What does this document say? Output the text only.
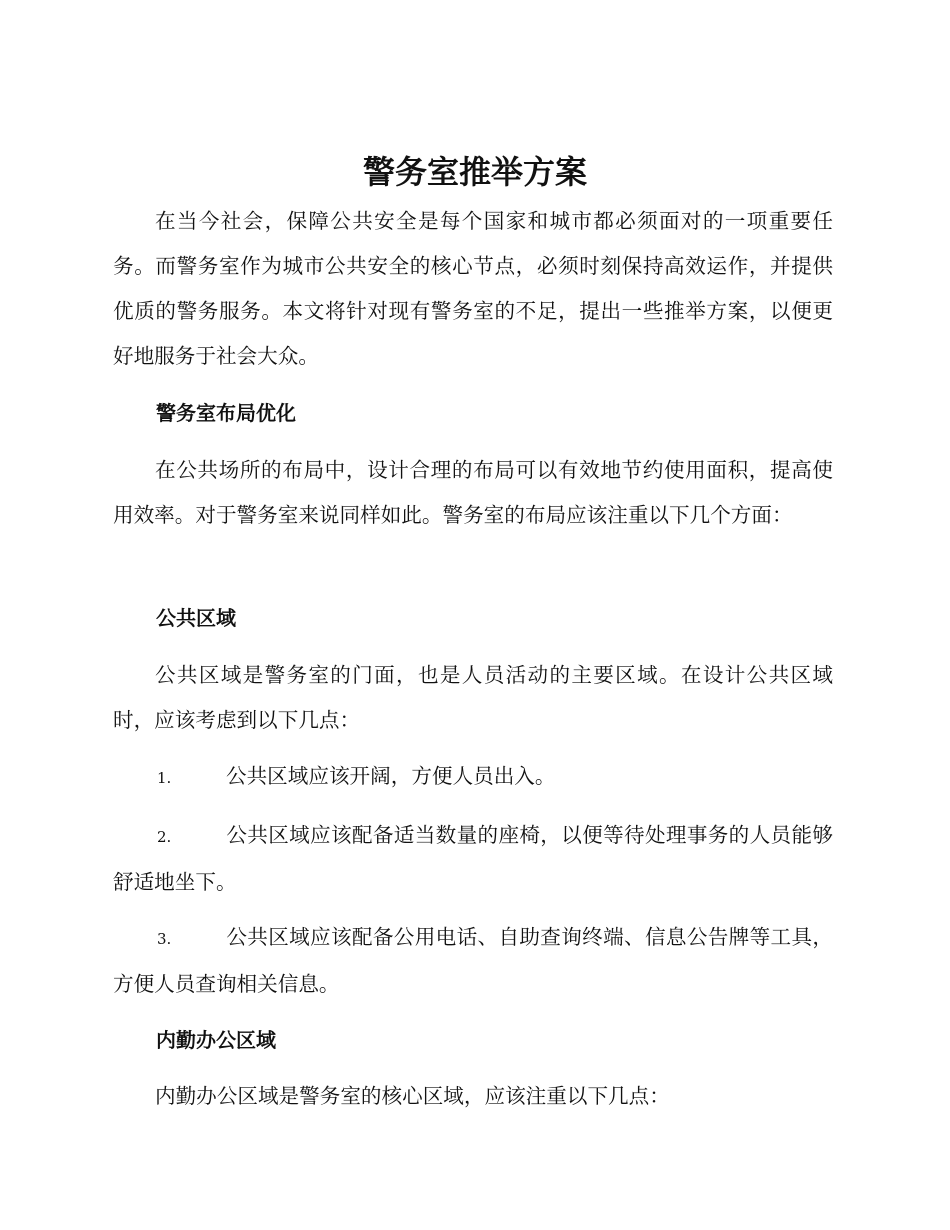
警务室推举方案

在当今社会，保障公共安全是每个国家和城市都必须面对的一项重要任务。而警务室作为城市公共安全的核心节点，必须时刻保持高效运作，并提供优质的警务服务。本文将针对现有警务室的不足，提出一些推举方案，以便更好地服务于社会大众。

警务室布局优化

在公共场所的布局中，设计合理的布局可以有效地节约使用面积，提高使用效率。对于警务室来说同样如此。警务室的布局应该注重以下几个方面：

公共区域

公共区域是警务室的门面，也是人员活动的主要区域。在设计公共区域时，应该考虑到以下几点：

1.	公共区域应该开阔，方便人员出入。

2.	公共区域应该配备适当数量的座椅，以便等待处理事务的人员能够舒适地坐下。

3.	公共区域应该配备公用电话、自助查询终端、信息公告牌等工具，方便人员查询相关信息。

内勤办公区域

内勤办公区域是警务室的核心区域，应该注重以下几点：
